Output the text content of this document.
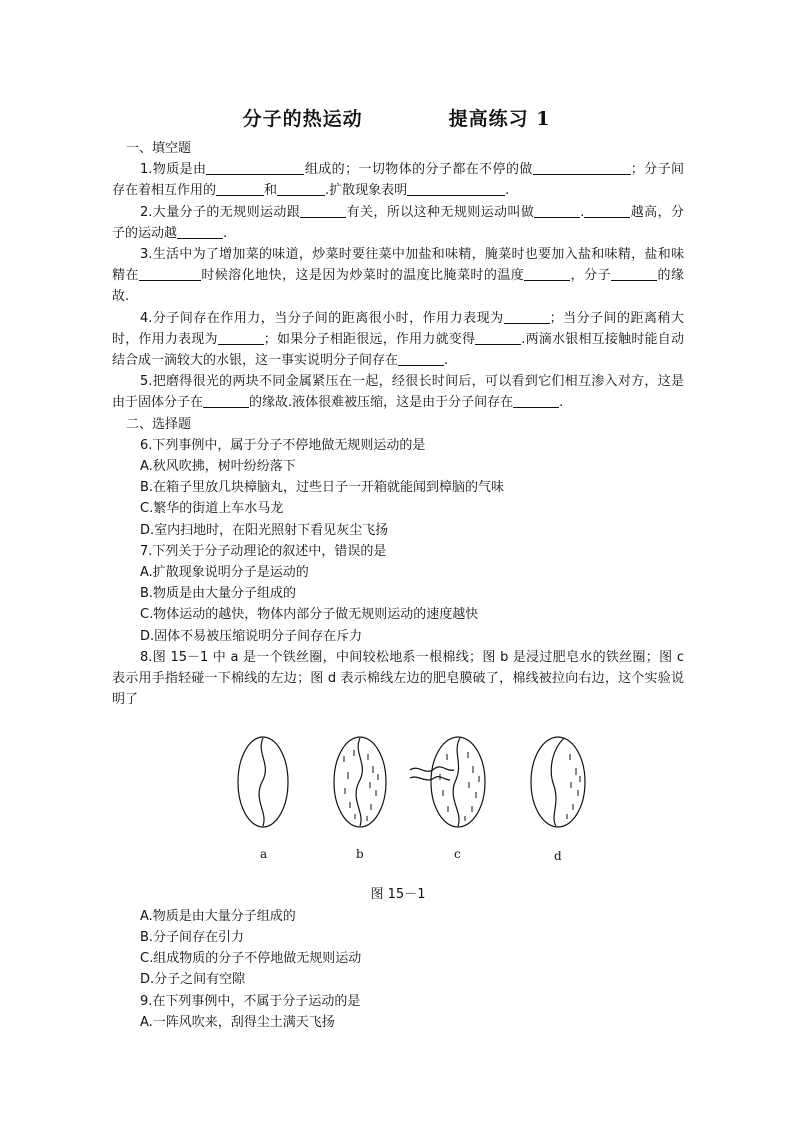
分子的热运动	提高练习 1

一、填空题

1.物质是由	组成的；一切物体的分子都在不停的做	；分子间存在着相互作用的	和	.扩散现象表明	.

2.大量分子的无规则运动跟	有关，所以这种无规则运动叫做	.	越高，分子的运动越	.

3.生活中为了增加菜的味道，炒菜时要往菜中加盐和味精，腌菜时也要加入盐和味精，盐和味精在	时候溶化地快，这是因为炒菜时的温度比腌菜时的温度	，分子	的缘故.

4.分子间存在作用力，当分子间的距离很小时，作用力表现为	；当分子间的距离稍大时，作用力表现为	；如果分子相距很远，作用力就变得	.两滴水银相互接触时能自动结合成一滴较大的水银，这一事实说明分子间存在	.

5.把磨得很光的两块不同金属紧压在一起，经很长时间后，可以看到它们相互渗入对方，这是由于固体分子在	的缘故.液体很难被压缩，这是由于分子间存在	.

二、选择题

6.下列事例中，属于分子不停地做无规则运动的是

A.秋风吹拂，树叶纷纷落下

B.在箱子里放几块樟脑丸，过些日子一开箱就能闻到樟脑的气味

C.繁华的街道上车水马龙

D.室内扫地时，在阳光照射下看见灰尘飞扬

7.下列关于分子动理论的叙述中，错误的是

A.扩散现象说明分子是运动的

B.物质是由大量分子组成的

C.物体运动的越快，物体内部分子做无规则运动的速度越快

D.固体不易被压缩说明分子间存在斥力

8.图 15－1 中 a 是一个铁丝圈，中间较松地系一根棉线；图 b 是浸过肥皂水的铁丝圈；图 c 表示用手指轻碰一下棉线的左边；图 d 表示棉线左边的肥皂膜破了，棉线被拉向右边，这个实验说明了

a	b	c	d

图 15－1

A.物质是由大量分子组成的

B.分子间存在引力

C.组成物质的分子不停地做无规则运动

D.分子之间有空隙

9.在下列事例中，不属于分子运动的是

A.一阵风吹来，刮得尘土满天飞扬
